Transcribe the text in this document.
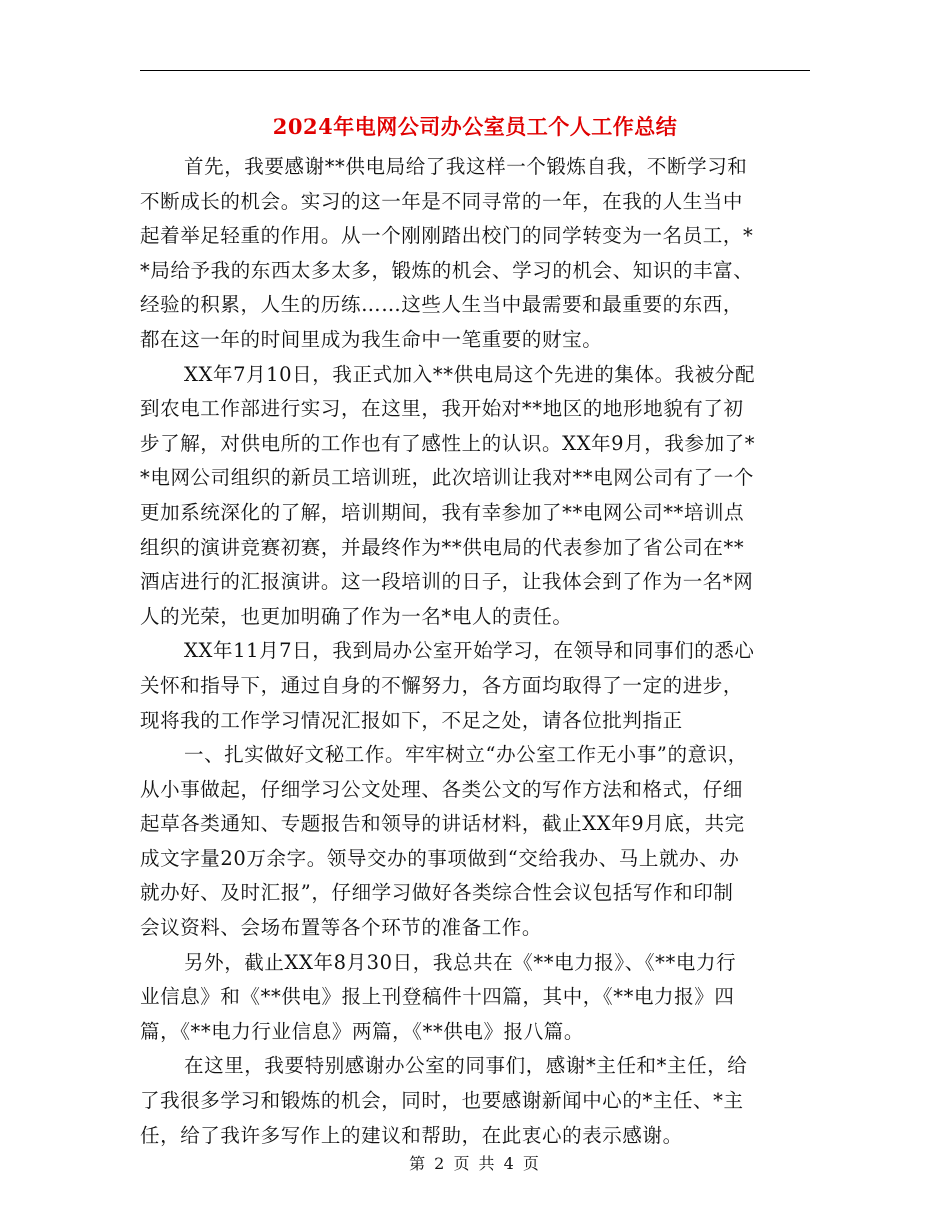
2024年电网公司办公室员工个人工作总结
首先，我要感谢**供电局给了我这样一个锻炼自我，不断学习和
不断成长的机会。实习的这一年是不同寻常的一年，在我的人生当中
起着举足轻重的作用。从一个刚刚踏出校门的同学转变为一名员工，*
*局给予我的东西太多太多，锻炼的机会、学习的机会、知识的丰富、
经验的积累，人生的历练……这些人生当中最需要和最重要的东西，
都在这一年的时间里成为我生命中一笔重要的财宝。
XX年7月10日，我正式加入**供电局这个先进的集体。我被分配
到农电工作部进行实习，在这里，我开始对**地区的地形地貌有了初
步了解，对供电所的工作也有了感性上的认识。XX年9月，我参加了*
*电网公司组织的新员工培训班，此次培训让我对**电网公司有了一个
更加系统深化的了解，培训期间，我有幸参加了**电网公司**培训点
组织的演讲竞赛初赛，并最终作为**供电局的代表参加了省公司在**
酒店进行的汇报演讲。这一段培训的日子，让我体会到了作为一名*网
人的光荣，也更加明确了作为一名*电人的责任。
XX年11月7日，我到局办公室开始学习，在领导和同事们的悉心
关怀和指导下，通过自身的不懈努力，各方面均取得了一定的进步，
现将我的工作学习情况汇报如下，不足之处，请各位批判指正
一、扎实做好文秘工作。牢牢树立“办公室工作无小事”的意识，
从小事做起，仔细学习公文处理、各类公文的写作方法和格式，仔细
起草各类通知、专题报告和领导的讲话材料，截止XX年9月底，共完
成文字量20万余字。领导交办的事项做到“交给我办、马上就办、办
就办好、及时汇报”，仔细学习做好各类综合性会议包括写作和印制
会议资料、会场布置等各个环节的准备工作。
另外，截止XX年8月30日，我总共在《**电力报》、《**电力行
业信息》和《**供电》报上刊登稿件十四篇，其中，《**电力报》四
篇，《**电力行业信息》两篇，《**供电》报八篇。
在这里，我要特别感谢办公室的同事们，感谢*主任和*主任，给
了我很多学习和锻炼的机会，同时，也要感谢新闻中心的*主任、*主
任，给了我许多写作上的建议和帮助，在此衷心的表示感谢。
第 2 页 共 4 页
